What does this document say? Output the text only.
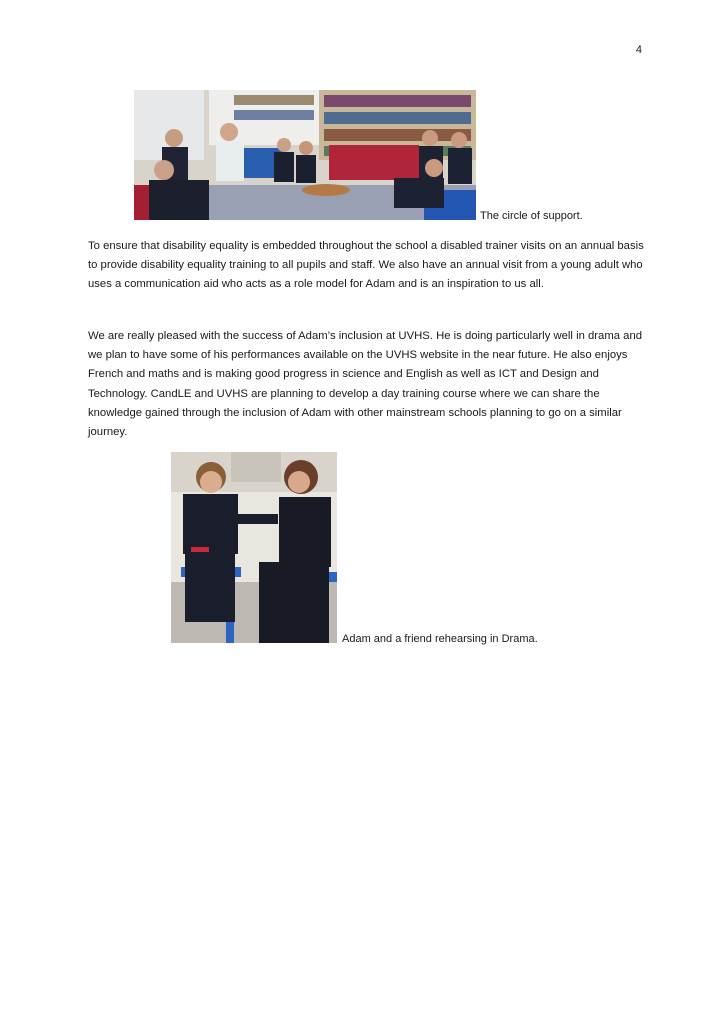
4
The circle of support.

To ensure that disability equality is embedded throughout the school a disabled trainer visits on an annual basis to provide disability equality training to all pupils and staff. We also have an annual visit from a young adult who uses a communication aid who acts as a role model for Adam and is an inspiration to us all.

We are really pleased with the success of Adam’s inclusion at UVHS. He is doing particularly well in drama and we plan to have some of his performances available on the UVHS website in the near future. He also enjoys French and maths and is making good progress in science and English as well as ICT and Design and Technology. CandLE and UVHS are planning to develop a day training course where we can share the knowledge gained through the inclusion of Adam with other mainstream schools planning to go on a similar journey.

Adam and a friend rehearsing in Drama.
